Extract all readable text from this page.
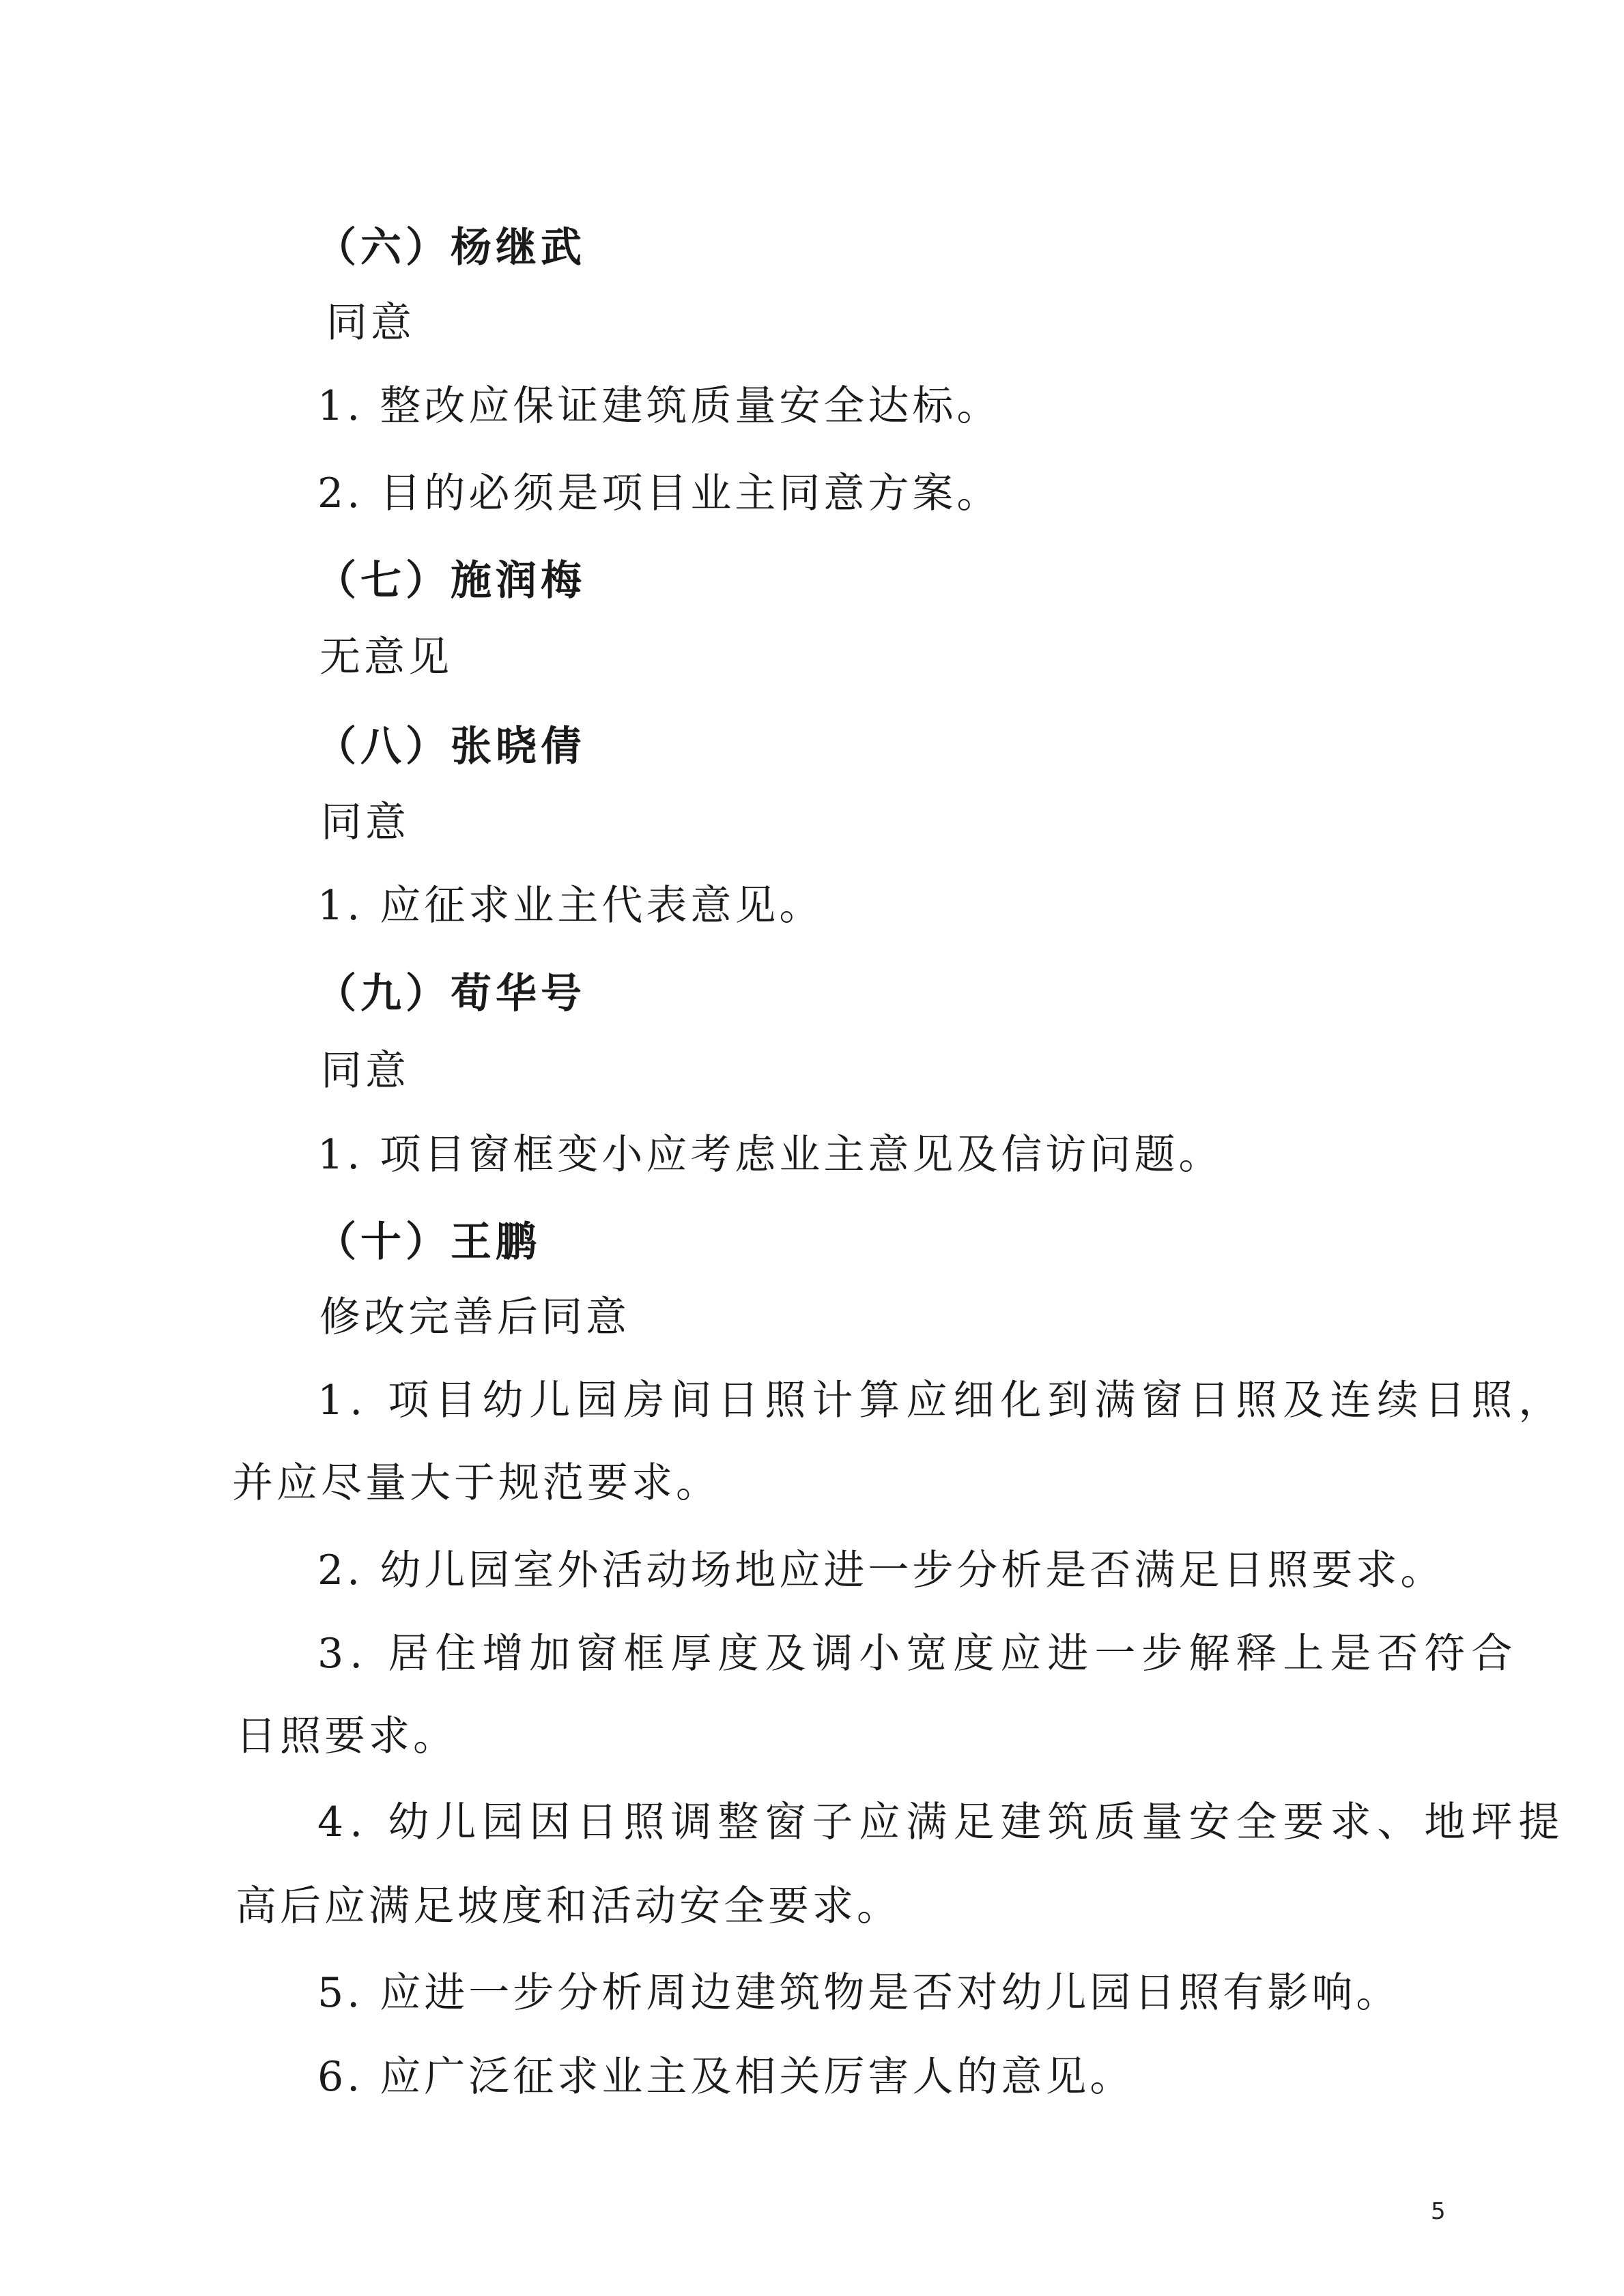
（六）杨继武
同意
1. 整改应保证建筑质量安全达标。
2. 目的必须是项目业主同意方案。
（七）施润梅
无意见
（八）张晓倩
同意
1. 应征求业主代表意见。
（九）荀华号
同意
1. 项目窗框变小应考虑业主意见及信访问题。
（十）王鹏
修改完善后同意
1. 项目幼儿园房间日照计算应细化到满窗日照及连续日照，
并应尽量大于规范要求。
2. 幼儿园室外活动场地应进一步分析是否满足日照要求。
3. 居住增加窗框厚度及调小宽度应进一步解释上是否符合
日照要求。
4. 幼儿园因日照调整窗子应满足建筑质量安全要求、地坪提
高后应满足坡度和活动安全要求。
5. 应进一步分析周边建筑物是否对幼儿园日照有影响。
6. 应广泛征求业主及相关厉害人的意见。
5
